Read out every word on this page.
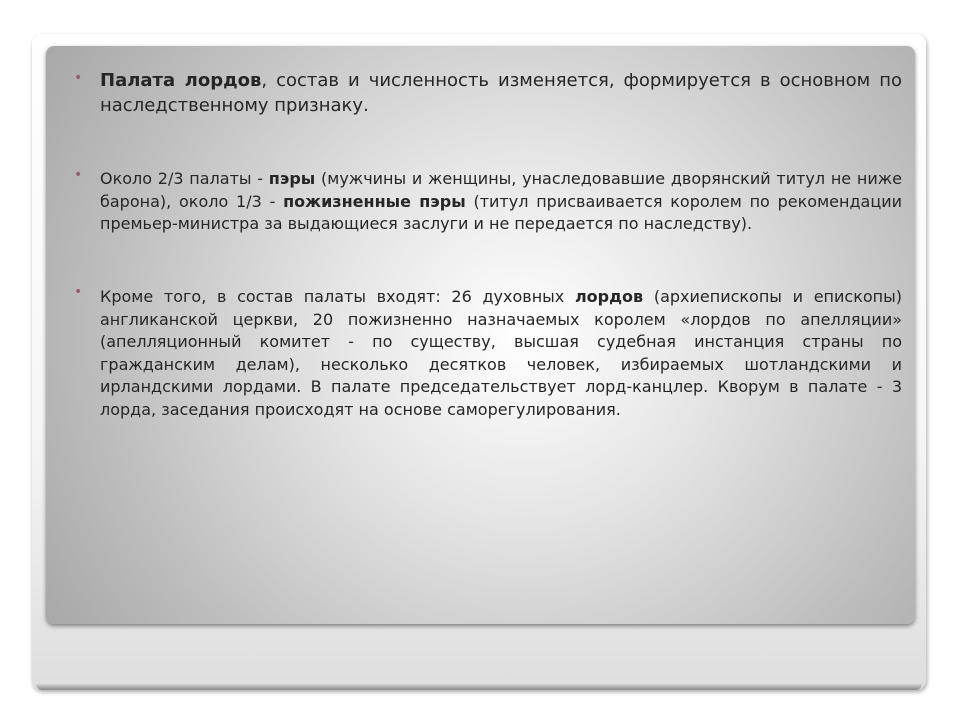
• Палата лордов, состав и численность изменяется, формируется в основном по наследственному признаку.
• Около 2/3 палаты - пэры (мужчины и женщины, унаследовавшие дворянский титул не ниже барона), около 1/3 - пожизненные пэры (титул присваивается королем по рекомендации премьер-министра за выдающиеся заслуги и не передается по наследству).
• Кроме того, в состав палаты входят: 26 духовных лордов (архиепископы и епископы) англиканской церкви, 20 пожизненно назначаемых королем «лордов по апелляции» (апелляционный комитет - по существу, высшая судебная инстанция страны по гражданским делам), несколько десятков человек, избираемых шотландскими и ирландскими лордами. В палате председательствует лорд-канцлер. Кворум в палате - 3 лорда, заседания происходят на основе саморегулирования.
